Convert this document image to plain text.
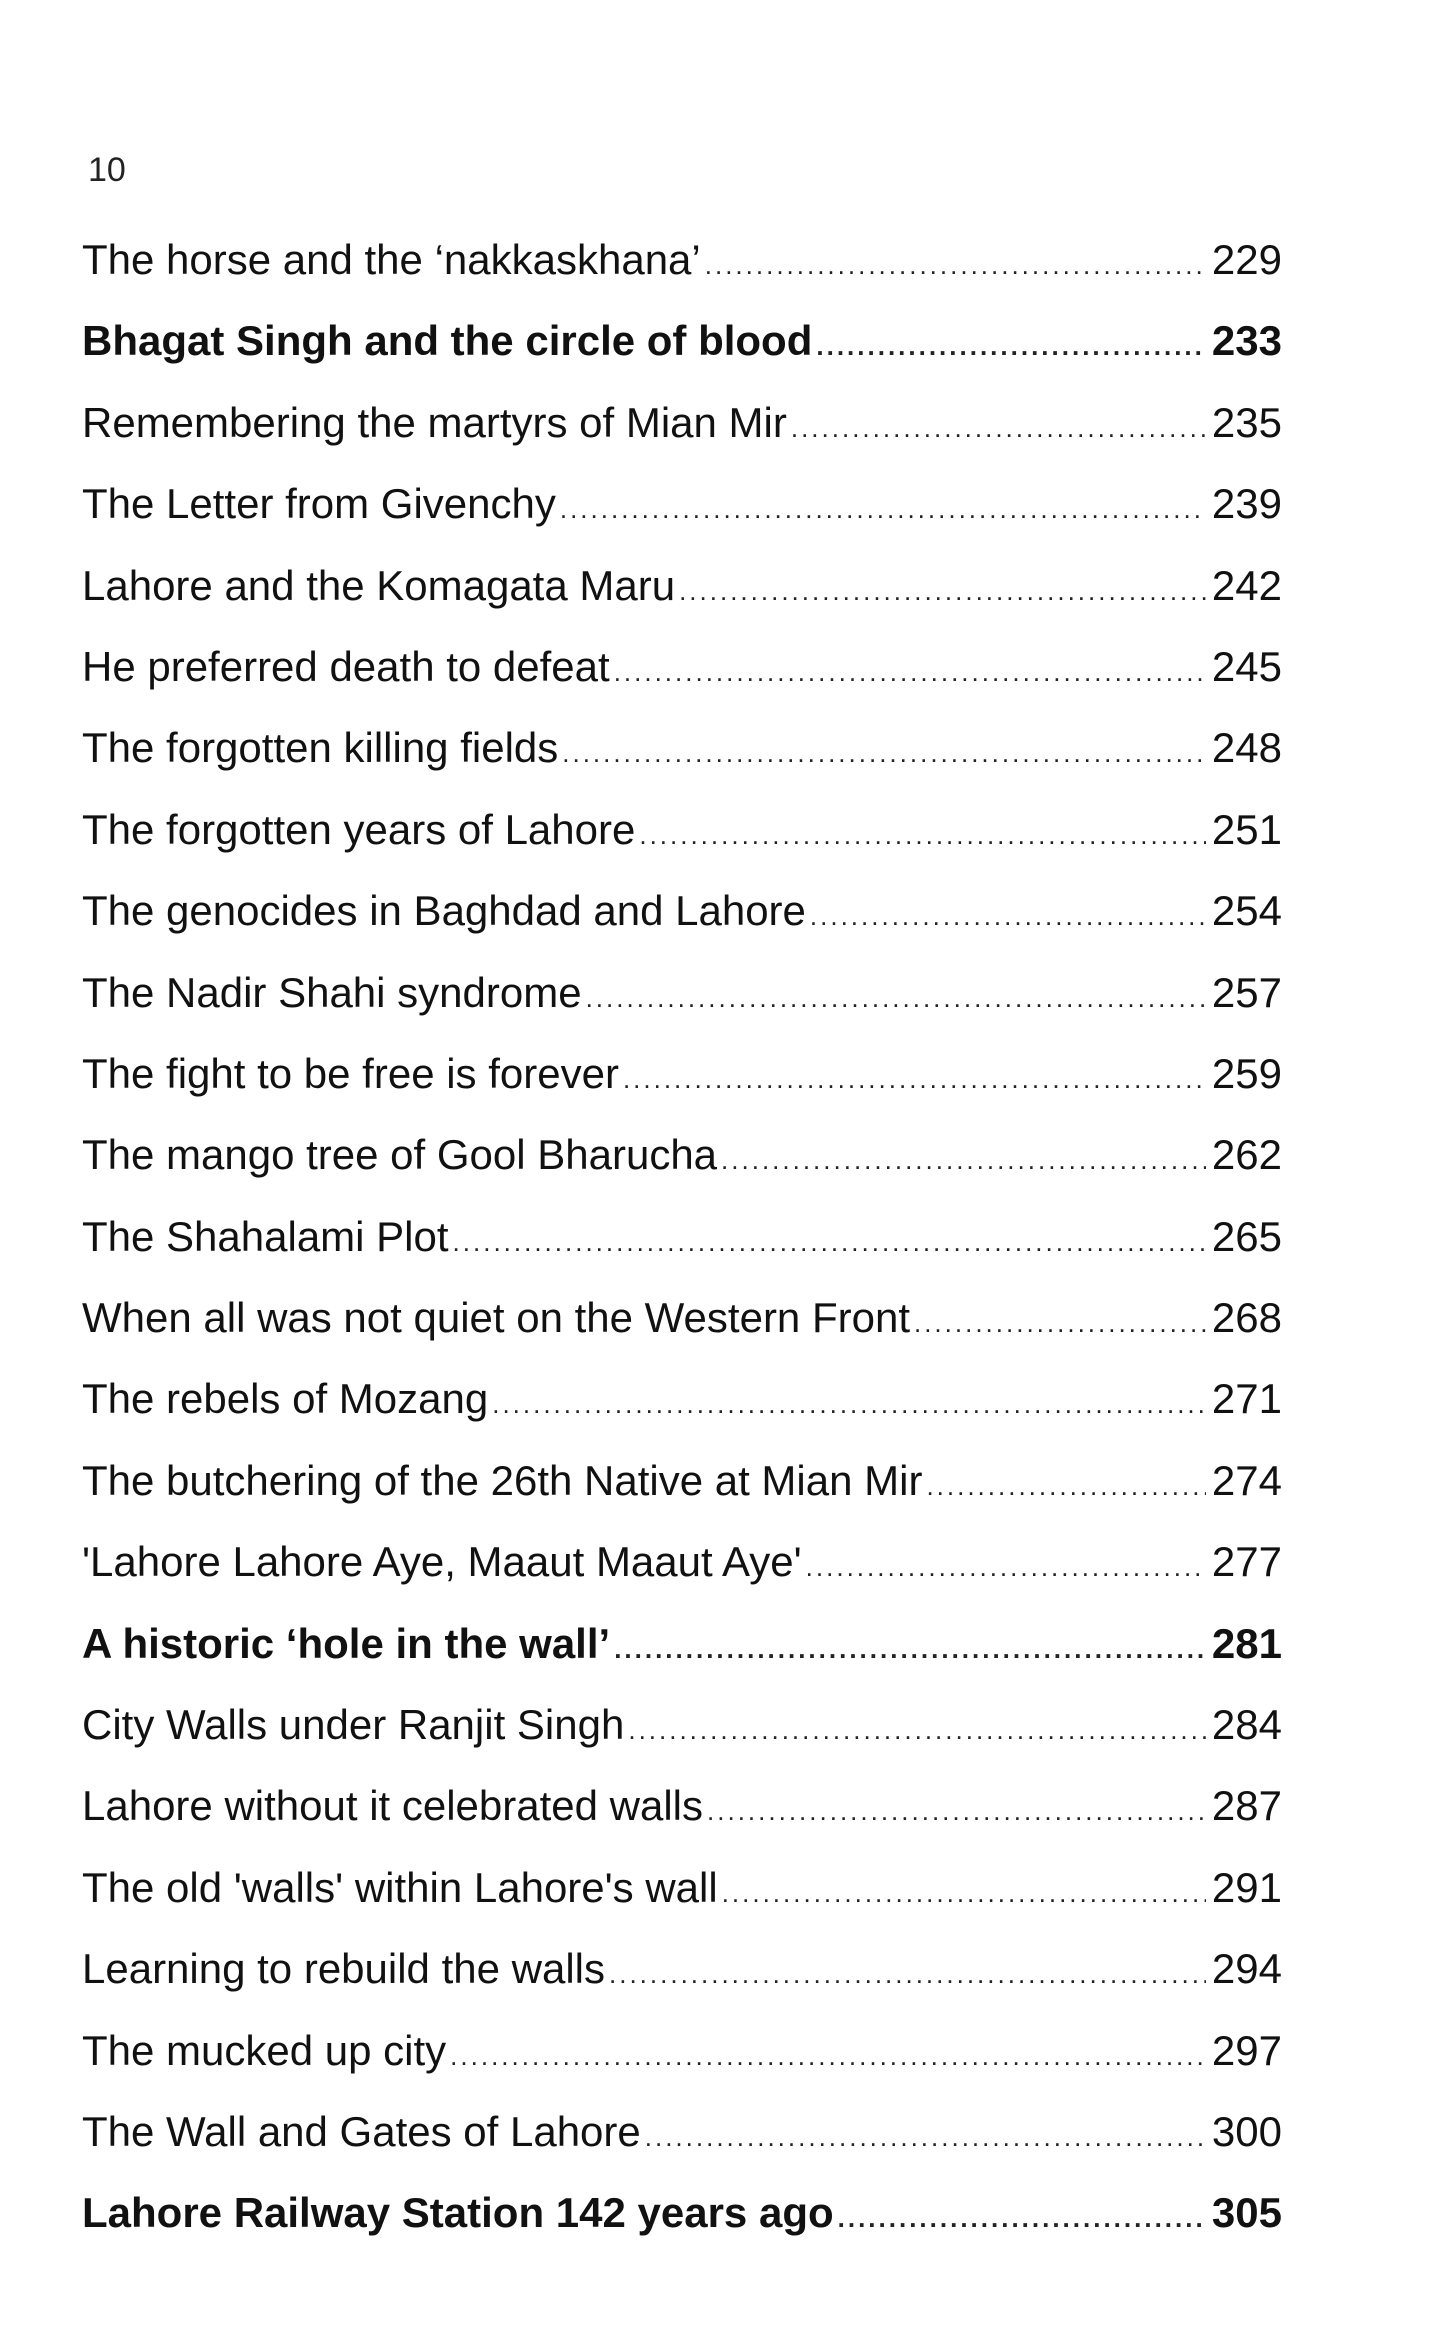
10
The horse and the ‘nakkaskhana’ .....	229
Bhagat Singh and the circle of blood .....	233
Remembering the martyrs of Mian Mir .....	235
The Letter from Givenchy .....	239
Lahore and the Komagata Maru .....	242
He preferred death to defeat .....	245
The forgotten killing fields .....	248
The forgotten years of Lahore .....	251
The genocides in Baghdad and Lahore .....	254
The Nadir Shahi syndrome .....	257
The fight to be free is forever .....	259
The mango tree of Gool Bharucha .....	262
The Shahalami Plot .....	265
When all was not quiet on the Western Front .....	268
The rebels of Mozang .....	271
The butchering of the 26th Native at Mian Mir .....	274
'Lahore Lahore Aye, Maaut Maaut Aye' .....	277
A historic ‘hole in the wall’ .....	281
City Walls under Ranjit Singh .....	284
Lahore without it celebrated walls .....	287
The old 'walls' within Lahore's wall .....	291
Learning to rebuild the walls .....	294
The mucked up city .....	297
The Wall and Gates of Lahore .....	300
Lahore Railway Station 142 years ago .....	305
